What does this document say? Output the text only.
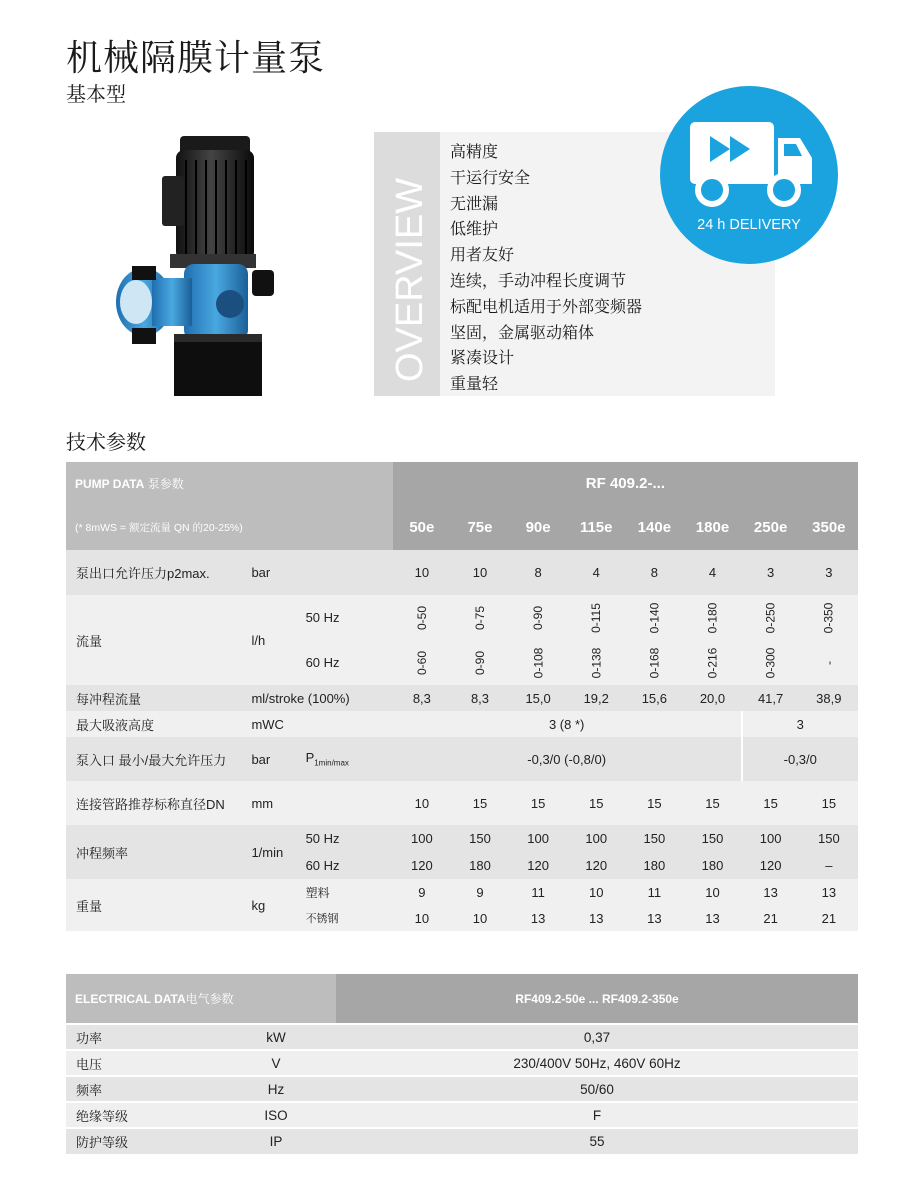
机械隔膜计量泵
基本型
OVERVIEW
高精度
干运行安全
无泄漏
低维护
用者友好
连续，手动冲程长度调节
标配电机适用于外部变频器
坚固，金属驱动箱体
紧凑设计
重量轻
24 h DELIVERY
技术参数
PUMP DATA 泵参数			RF 409.2-...							
(* 8mWS = 额定流量 QN 的20-25%)			50e	75e	90e	115e	140e	180e	250e	350e
泵出口允许压力p2max.	bar		10	10	8	4	8	4	3	3
流量	l/h	50 Hz	0-50	0-75	0-90	0-115	0-140	0-180	0-250	0-350
		60 Hz	0-60	0-90	0-108	0-138	0-168	0-216	0-300	-
每冲程流量	ml/stroke (100%)		8,3	8,3	15,0	19,2	15,6	20,0	41,7	38,9
最大吸液高度	mWC		3 (8 *)						3	
泵入口 最小/最大允许压力	bar	$P_{1min/max}$	-0,3/0 (-0,8/0)						-0,3/0	
连接管路推荐标称直径DN	mm		10	15	15	15	15	15	15	15
冲程频率	1/min	50 Hz	100	150	100	100	150	150	100	150
		60 Hz	120	180	120	120	180	180	120	–
重量	kg	塑料	9	9	11	10	11	10	13	13
		不锈钢	10	10	13	13	13	13	21	21
ELECTRICAL DATA电气参数		RF409.2-50e ... RF409.2-350e
功率	kW	0,37
电压	V	230/400V 50Hz, 460V 60Hz
频率	Hz	50/60
绝缘等级	ISO	F
防护等级	IP	55
